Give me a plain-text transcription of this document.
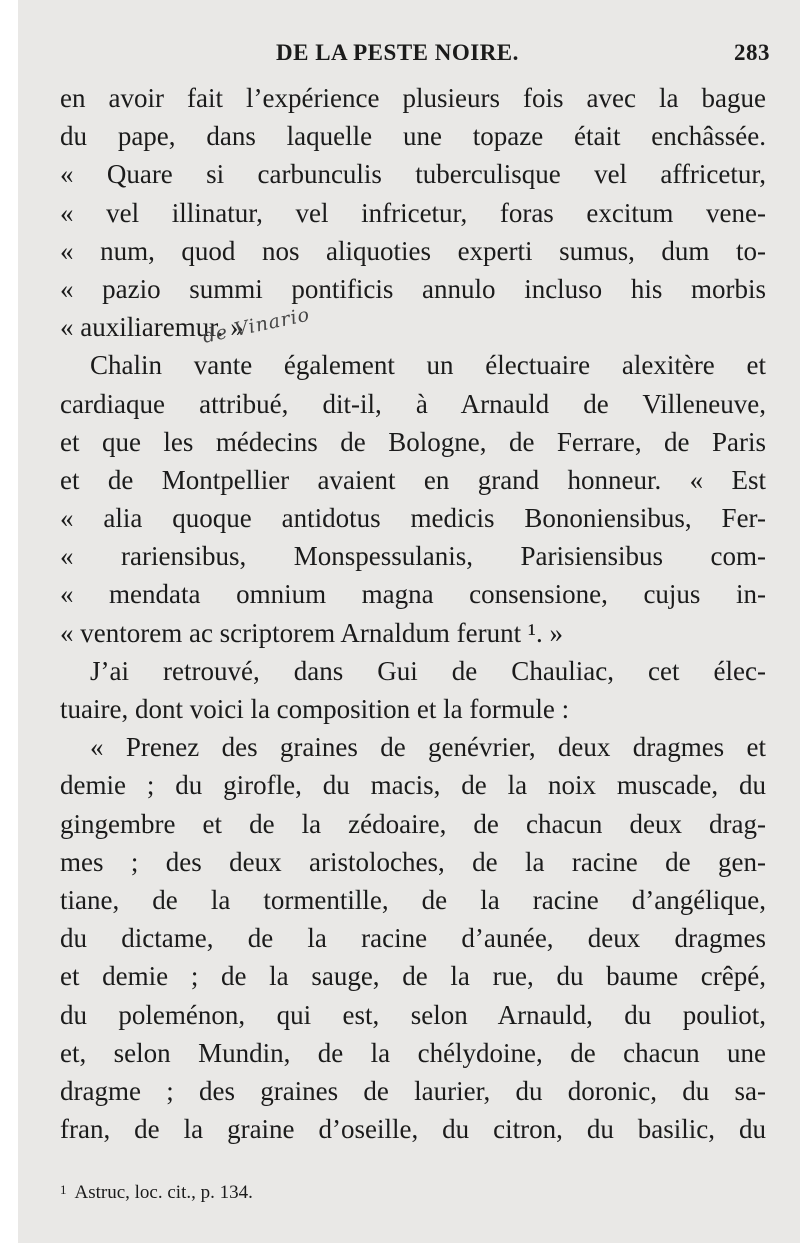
DE LA PESTE NOIRE.	283
en avoir fait l’expérience plusieurs fois avec la bague
du pape, dans laquelle une topaze était enchâssée.
« Quare si carbunculis tuberculisque vel affricetur,
« vel illinatur, vel infricetur, foras excitum vene-
« num, quod nos aliquoties experti sumus, dum to-
« pazio summi pontificis annulo incluso his morbis
« auxiliaremur. »
Chalin vante également un électuaire alexitère et
cardiaque attribué, dit-il, à Arnauld de Villeneuve,
et que les médecins de Bologne, de Ferrare, de Paris
et de Montpellier avaient en grand honneur. « Est
« alia quoque antidotus medicis Bononiensibus, Fer-
« rariensibus, Monspessulanis, Parisiensibus com-
« mendata omnium magna consensione, cujus in-
« ventorem ac scriptorem Arnaldum ferunt ¹. »
J’ai retrouvé, dans Gui de Chauliac, cet élec-
tuaire, dont voici la composition et la formule :
« Prenez des graines de genévrier, deux dragmes et
demie ; du girofle, du macis, de la noix muscade, du
gingembre et de la zédoaire, de chacun deux drag-
mes ; des deux aristoloches, de la racine de gen-
tiane, de la tormentille, de la racine d’angélique,
du dictame, de la racine d’aunée, deux dragmes
et demie ; de la sauge, de la rue, du baume crêpé,
du poleménon, qui est, selon Arnauld, du pouliot,
et, selon Mundin, de la chélydoine, de chacun une
dragme ; des graines de laurier, du doronic, du sa-
fran, de la graine d’oseille, du citron, du basilic, du
de Vinario
$^1$ Astruc, loc. cit., p. 134.
